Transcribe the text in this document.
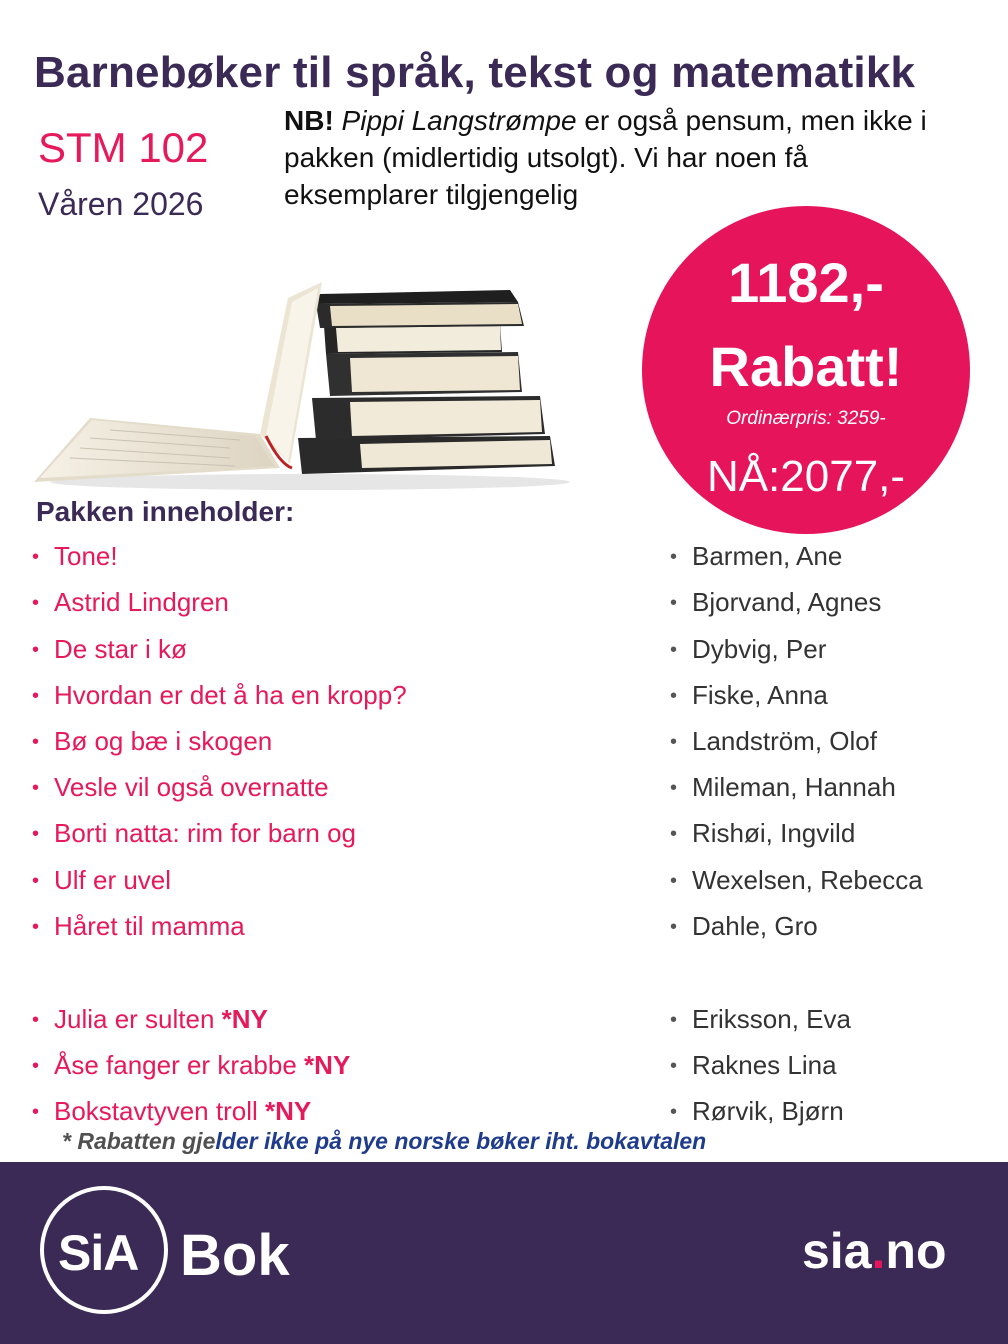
Barnebøker til språk, tekst og matematikk
STM 102
Våren 2026
NB! Pippi Langstrømpe er også pensum, men ikke i pakken (midlertidig utsolgt). Vi har noen få eksemplarer tilgjengelig
1182,-
Rabatt!
Ordinærpris: 3259-
NÅ:2077,-
Pakken inneholder:
• Tone!
• Astrid Lindgren
• De star i kø
• Hvordan er det å ha en kropp?
• Bø og bæ i skogen
• Vesle vil også overnatte
• Borti natta: rim for barn og
• Ulf er uvel
• Håret til mamma
• Julia er sulten *NY
• Åse fanger er krabbe *NY
• Bokstavtyven troll *NY
• Barmen, Ane
• Bjorvand, Agnes
• Dybvig, Per
• Fiske, Anna
• Landström, Olof
• Mileman, Hannah
• Rishøi, Ingvild
• Wexelsen, Rebecca
• Dahle, Gro
• Eriksson, Eva
• Raknes Lina
• Rørvik, Bjørn
* Rabatten gjelder ikke på nye norske bøker iht. bokavtalen
SiA Bok	sia.no
